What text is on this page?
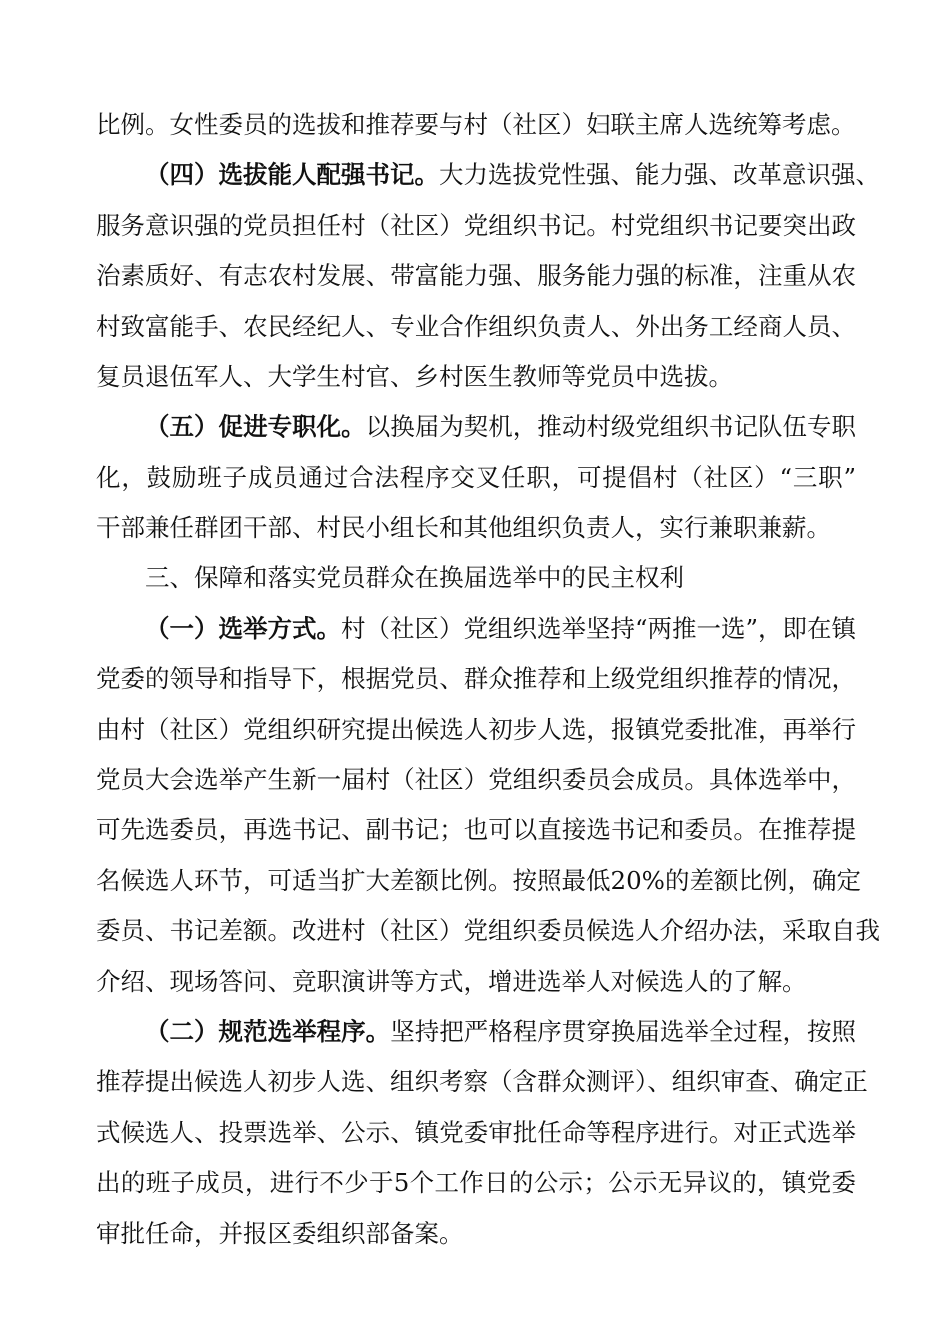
比例。女性委员的选拔和推荐要与村（社区）妇联主席人选统筹考虑。
（四）选拔能人配强书记。大力选拔党性强、能力强、改革意识强、
服务意识强的党员担任村（社区）党组织书记。村党组织书记要突出政
治素质好、有志农村发展、带富能力强、服务能力强的标准，注重从农
村致富能手、农民经纪人、专业合作组织负责人、外出务工经商人员、
复员退伍军人、大学生村官、乡村医生教师等党员中选拔。
（五）促进专职化。以换届为契机，推动村级党组织书记队伍专职
化，鼓励班子成员通过合法程序交叉任职，可提倡村（社区）“三职”
干部兼任群团干部、村民小组长和其他组织负责人，实行兼职兼薪。
三、保障和落实党员群众在换届选举中的民主权利
（一）选举方式。村（社区）党组织选举坚持“两推一选”，即在镇
党委的领导和指导下，根据党员、群众推荐和上级党组织推荐的情况，
由村（社区）党组织研究提出候选人初步人选，报镇党委批准，再举行
党员大会选举产生新一届村（社区）党组织委员会成员。具体选举中，
可先选委员，再选书记、副书记；也可以直接选书记和委员。在推荐提
名候选人环节，可适当扩大差额比例。按照最低20%的差额比例，确定
委员、书记差额。改进村（社区）党组织委员候选人介绍办法，采取自我
介绍、现场答问、竞职演讲等方式，增进选举人对候选人的了解。
（二）规范选举程序。坚持把严格程序贯穿换届选举全过程，按照
推荐提出候选人初步人选、组织考察（含群众测评）、组织审查、确定正
式候选人、投票选举、公示、镇党委审批任命等程序进行。对正式选举
出的班子成员，进行不少于5个工作日的公示；公示无异议的，镇党委
审批任命，并报区委组织部备案。
